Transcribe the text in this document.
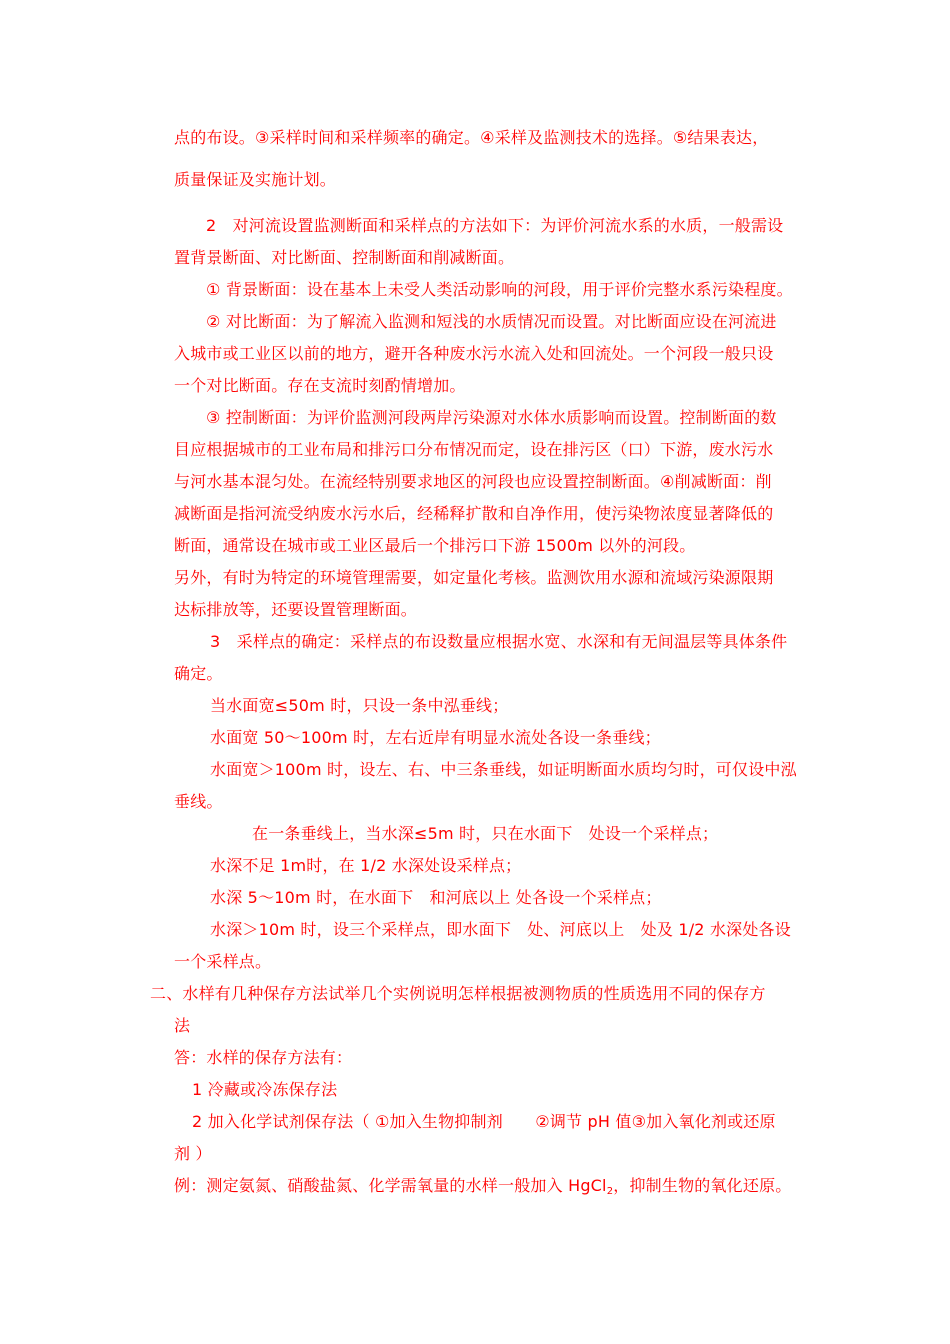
点的布设。③采样时间和采样频率的确定。④采样及监测技术的选择。⑤结果表达，
质量保证及实施计划。
2　对河流设置监测断面和采样点的方法如下：为评价河流水系的水质，一般需设
置背景断面、对比断面、控制断面和削减断面。
① 背景断面：设在基本上未受人类活动影响的河段，用于评价完整水系污染程度。
② 对比断面：为了解流入监测和短浅的水质情况而设置。对比断面应设在河流进
入城市或工业区以前的地方，避开各种废水污水流入处和回流处。一个河段一般只设
一个对比断面。存在支流时刻酌情增加。
③ 控制断面：为评价监测河段两岸污染源对水体水质影响而设置。控制断面的数
目应根据城市的工业布局和排污口分布情况而定，设在排污区（口）下游，废水污水
与河水基本混匀处。在流经特别要求地区的河段也应设置控制断面。④削减断面：削
减断面是指河流受纳废水污水后，经稀释扩散和自净作用，使污染物浓度显著降低的
断面，通常设在城市或工业区最后一个排污口下游 1500m 以外的河段。
另外，有时为特定的环境管理需要，如定量化考核。监测饮用水源和流域污染源限期
达标排放等，还要设置管理断面。
3　采样点的确定：采样点的布设数量应根据水宽、水深和有无间温层等具体条件
确定。
当水面宽≤50m 时，只设一条中泓垂线；
水面宽 50～100m 时，左右近岸有明显水流处各设一条垂线；
水面宽＞100m 时，设左、右、中三条垂线，如证明断面水质均匀时，可仅设中泓
垂线。
在一条垂线上，当水深≤5m 时，只在水面下　处设一个采样点；
水深不足 1m时，在 1/2 水深处设采样点；
水深 5～10m 时，在水面下　和河底以上 处各设一个采样点；
水深＞10m 时，设三个采样点，即水面下　处、河底以上　处及 1/2 水深处各设
一个采样点。
二、水样有几种保存方法试举几个实例说明怎样根据被测物质的性质选用不同的保存方
法
答：水样的保存方法有：
1 冷藏或冷冻保存法
2 加入化学试剂保存法（ ①加入生物抑制剂　　②调节 pH 值③加入氧化剂或还原
剂 ）
例：测定氨氮、硝酸盐氮、化学需氧量的水样一般加入 HgCl$_2$，抑制生物的氧化还原。
